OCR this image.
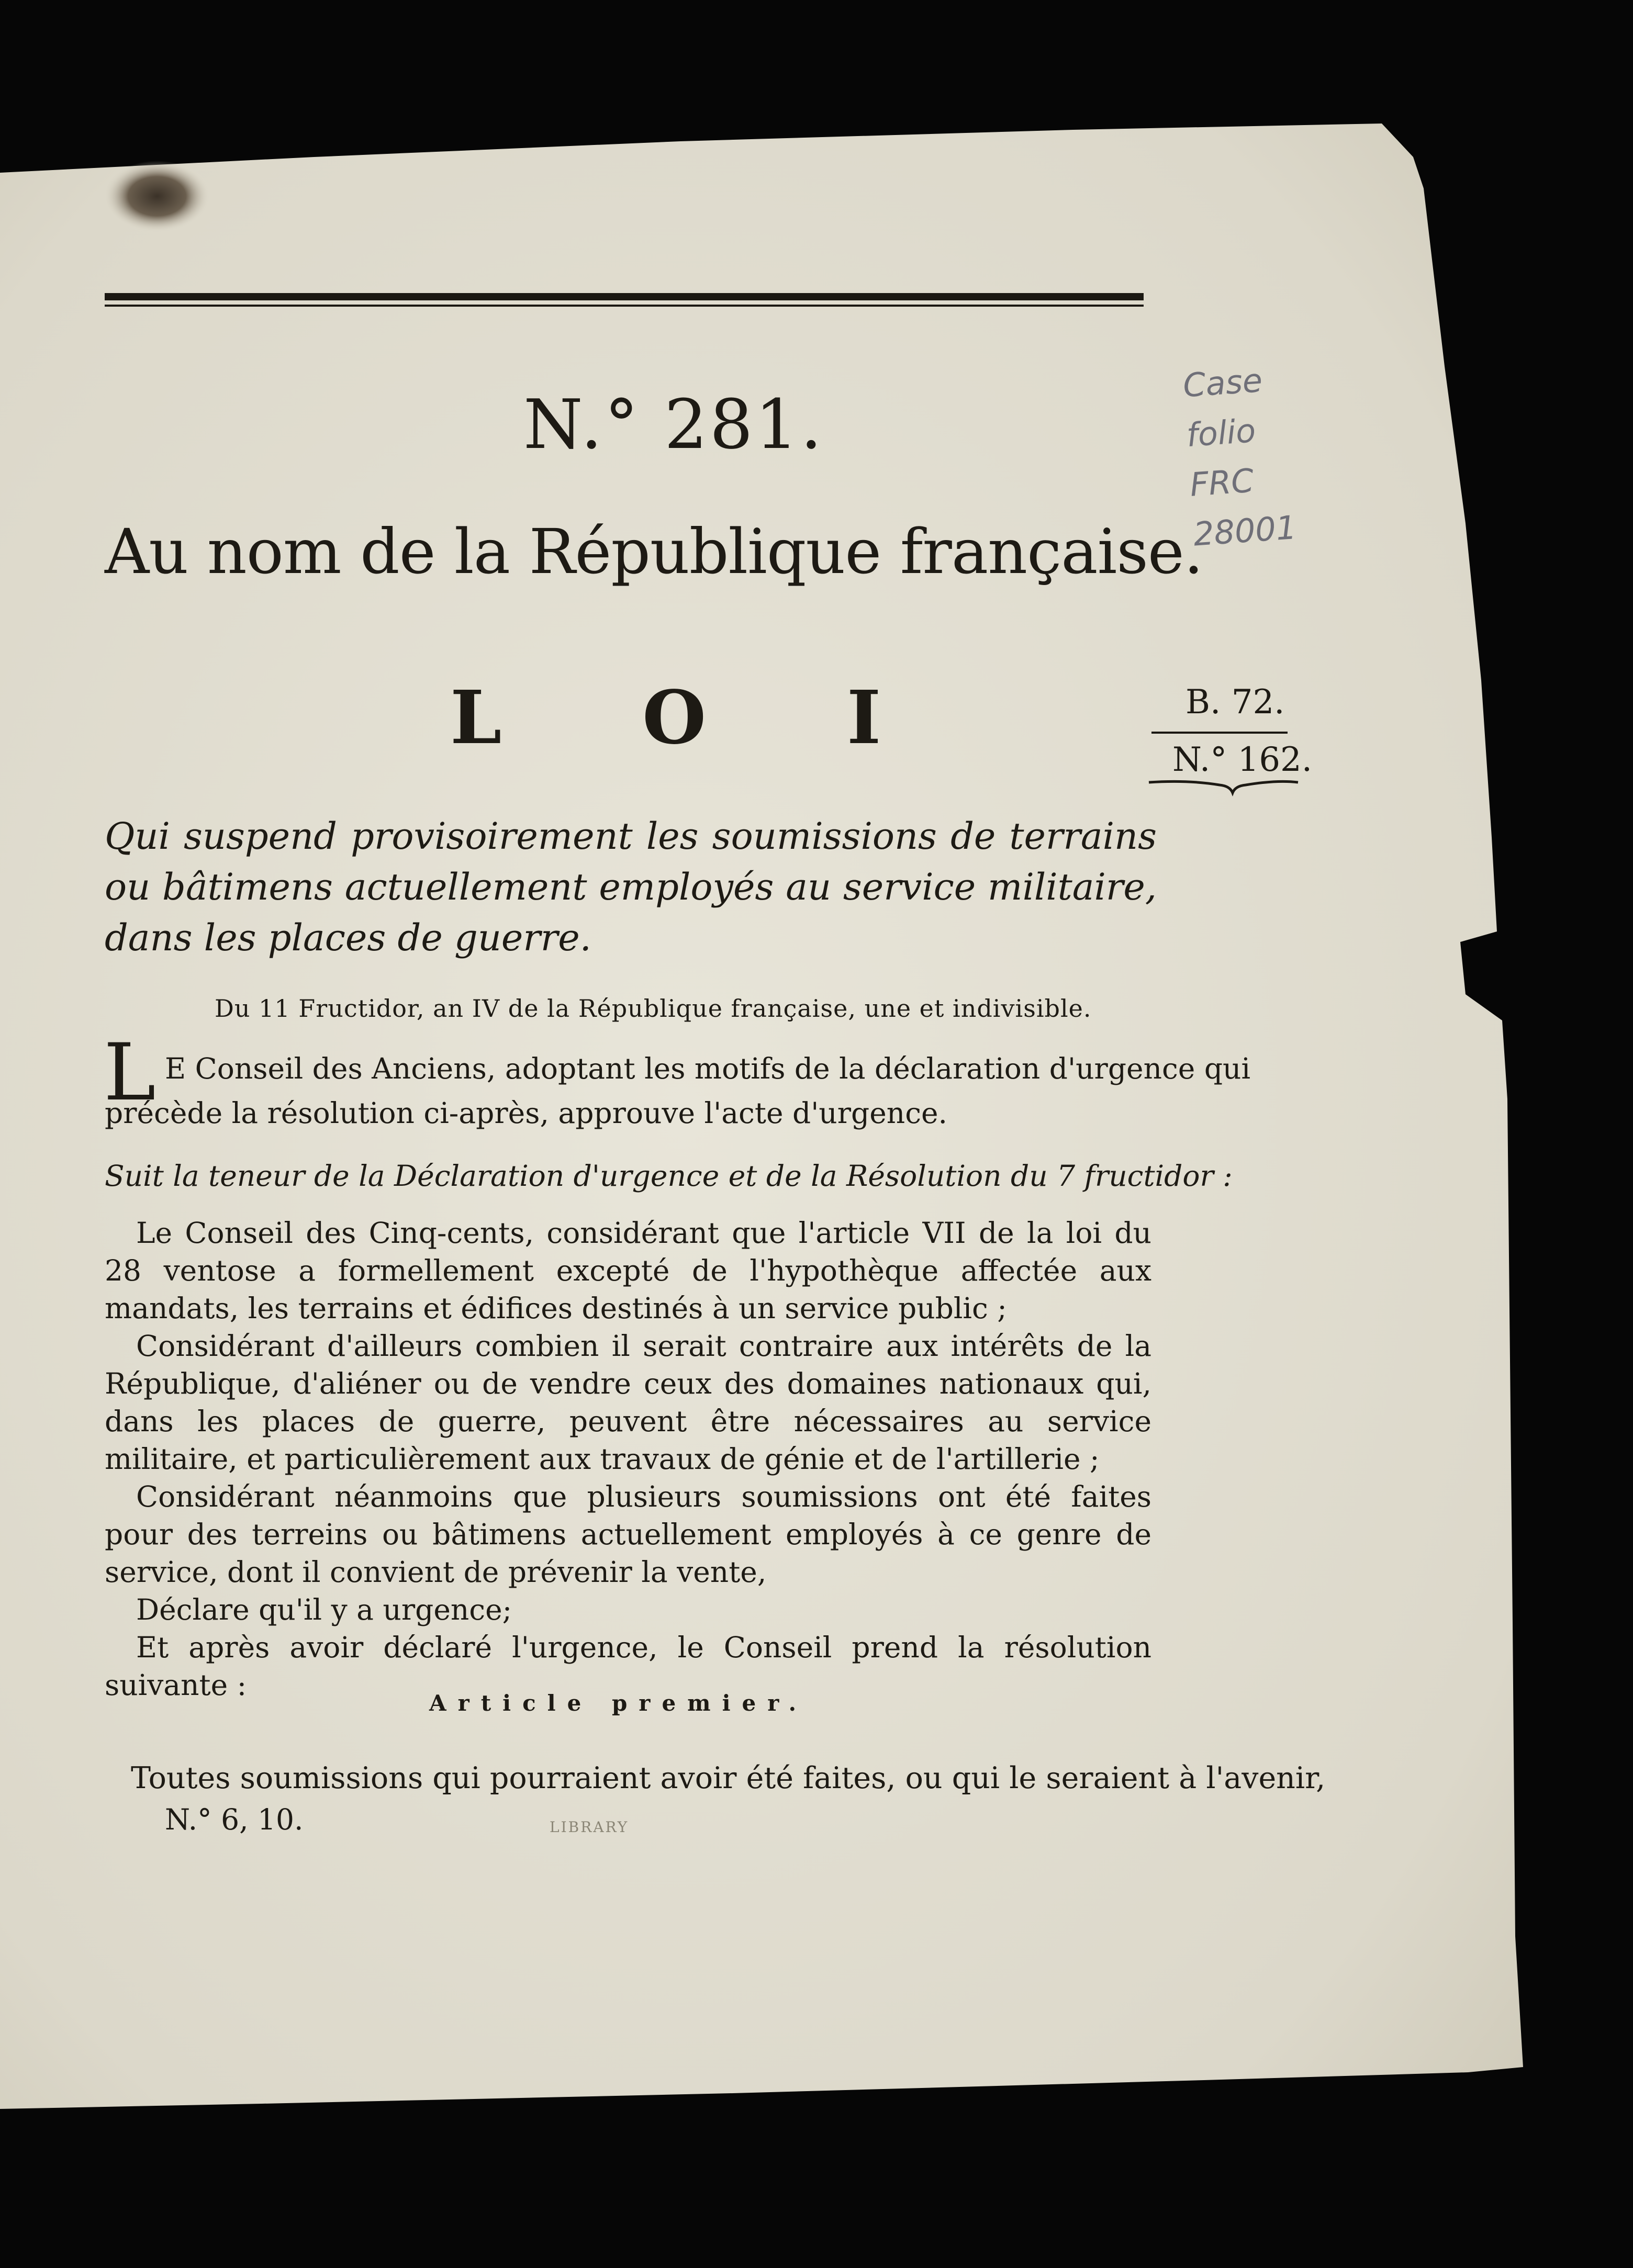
N.° 281.
Au nom de la République française.
L O I	B. 72.
N.° 162.
Qui suspend provisoirement les soumissions de terrains ou bâtimens actuellement employés au service militaire, dans les places de guerre.
Du 11 Fructidor, an IV de la République française, une et indivisible.
L E Conseil des Anciens, adoptant les motifs de la déclaration d'urgence qui
précède la résolution ci-après, approuve l'acte d'urgence.
Suit la teneur de la Déclaration d'urgence et de la Résolution du 7 fructidor :

Le Conseil des Cinq-cents, considérant que l'article VII de la loi du 28 ventose a formellement excepté de l'hypothèque affectée aux mandats, les terrains et édifices destinés à un service public ;

Considérant d'ailleurs combien il serait contraire aux intérêts de la République, d'aliéner ou de vendre ceux des domaines nationaux qui, dans les places de guerre, peuvent être nécessaires au service militaire, et particulièrement aux travaux de génie et de l'artillerie ;

Considérant néanmoins que plusieurs soumissions ont été faites pour des terreins ou bâtimens actuellement employés à ce genre de service, dont il convient de prévenir la vente,

Déclare qu'il y a urgence;

Et après avoir déclaré l'urgence, le Conseil prend la résolution suivante :

Article premier.
Toutes soumissions qui pourraient avoir été faites, ou qui le seraient à l'avenir,
N.° 6, 10.	LIBRARY
Case
folio
FRC
28001
